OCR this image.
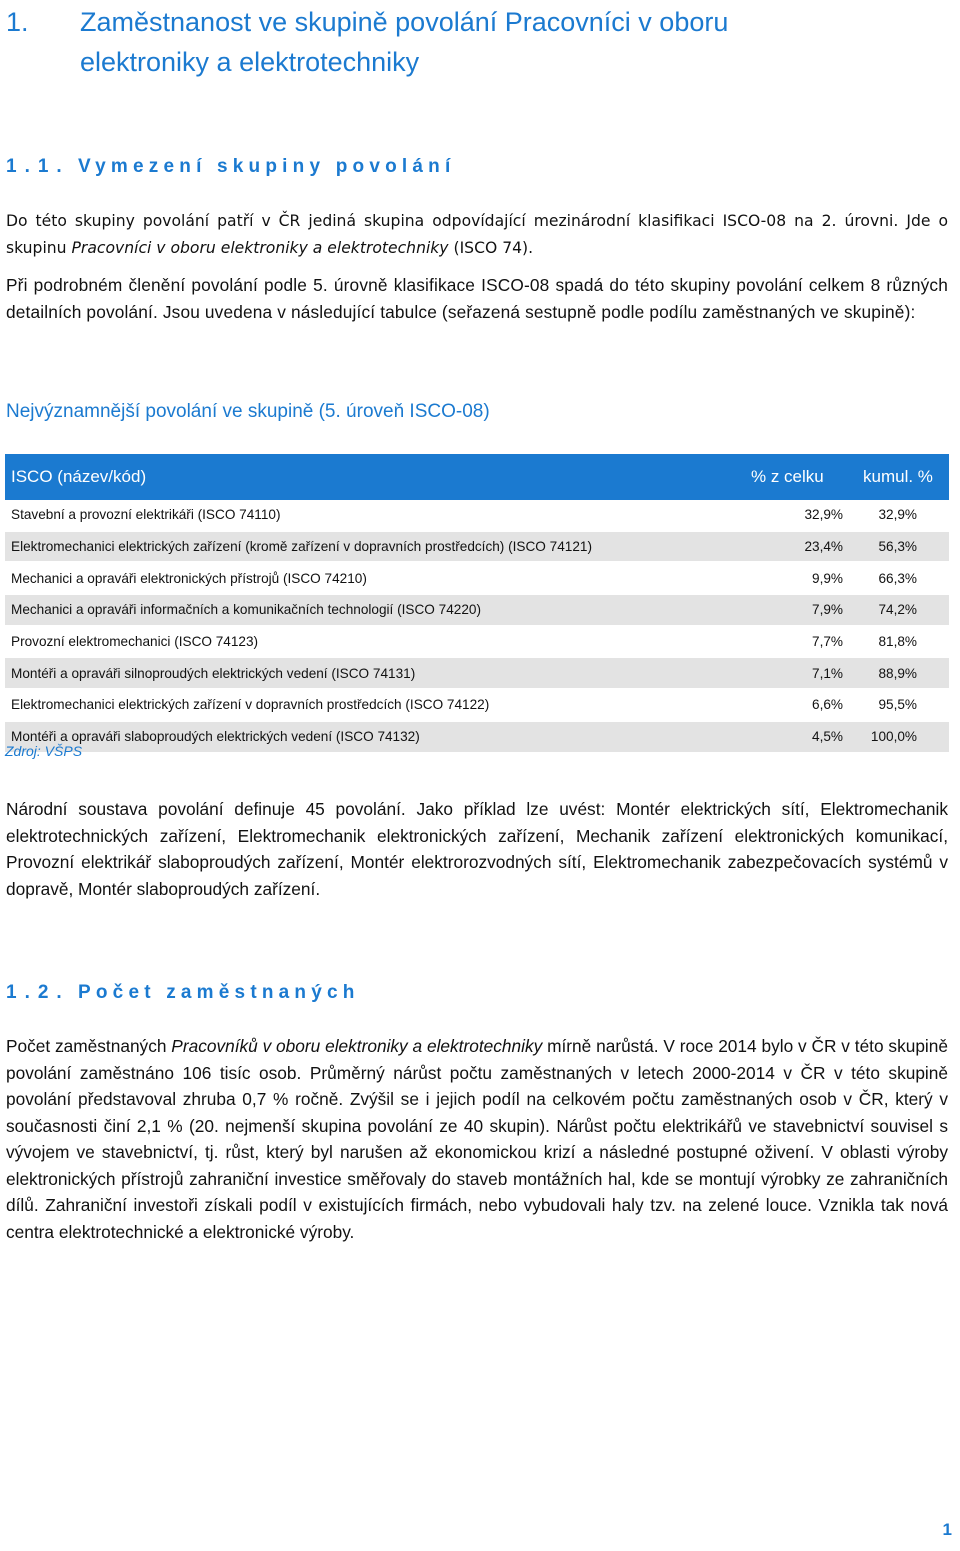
1. Zaměstnanost ve skupině povolání Pracovníci v oboru
elektroniky a elektrotechniky
1.1. Vymezení skupiny povolání
Do této skupiny povolání patří v ČR jediná skupina odpovídající mezinárodní klasifikaci ISCO-08 na 2. úrovni. Jde o skupinu Pracovníci v oboru elektroniky a elektrotechniky (ISCO 74).
Při podrobném členění povolání podle 5. úrovně klasifikace ISCO-08 spadá do této skupiny povolání celkem 8 různých detailních povolání. Jsou uvedena v následující tabulce (seřazená sestupně podle podílu zaměstnaných ve skupině):
Nejvýznamnější povolání ve skupině (5. úroveň ISCO-08)
ISCO (název/kód)	% z celku	kumul. %
Stavební a provozní elektrikáři (ISCO 74110)	32,9%	32,9%
Elektromechanici elektrických zařízení (kromě zařízení v dopravních prostředcích) (ISCO 74121)	23,4%	56,3%
Mechanici a opraváři elektronických přístrojů (ISCO 74210)	9,9%	66,3%
Mechanici a opraváři informačních a komunikačních technologií (ISCO 74220)	7,9%	74,2%
Provozní elektromechanici (ISCO 74123)	7,7%	81,8%
Montéři a opraváři silnoproudých elektrických vedení (ISCO 74131)	7,1%	88,9%
Elektromechanici elektrických zařízení v dopravních prostředcích (ISCO 74122)	6,6%	95,5%
Montéři a opraváři slaboproudých elektrických vedení (ISCO 74132)	4,5%	100,0%
Zdroj: VŠPS
Národní soustava povolání definuje 45 povolání. Jako příklad lze uvést: Montér elektrických sítí, Elektromechanik elektrotechnických zařízení, Elektromechanik elektronických zařízení, Mechanik zařízení elektronických komunikací, Provozní elektrikář slaboproudých zařízení, Montér elektrorozvodných sítí, Elektromechanik zabezpečovacích systémů v dopravě, Montér slaboproudých zařízení.
1.2. Počet zaměstnaných
Počet zaměstnaných Pracovníků v oboru elektroniky a elektrotechniky mírně narůstá. V roce 2014 bylo v ČR v této skupině povolání zaměstnáno 106 tisíc osob. Průměrný nárůst počtu zaměstnaných v letech 2000-2014 v ČR v této skupině povolání představoval zhruba 0,7 % ročně. Zvýšil se i jejich podíl na celkovém počtu zaměstnaných osob v ČR, který v současnosti činí 2,1 % (20. nejmenší skupina povolání ze 40 skupin). Nárůst počtu elektrikářů ve stavebnictví souvisel s vývojem ve stavebnictví, tj. růst, který byl narušen až ekonomickou krizí a následné postupné oživení. V oblasti výroby elektronických přístrojů zahraniční investice směřovaly do staveb montážních hal, kde se montují výrobky ze zahraničních dílů. Zahraniční investoři získali podíl v existujících firmách, nebo vybudovali haly tzv. na zelené louce. Vznikla tak nová centra elektrotechnické a elektronické výroby.
1
